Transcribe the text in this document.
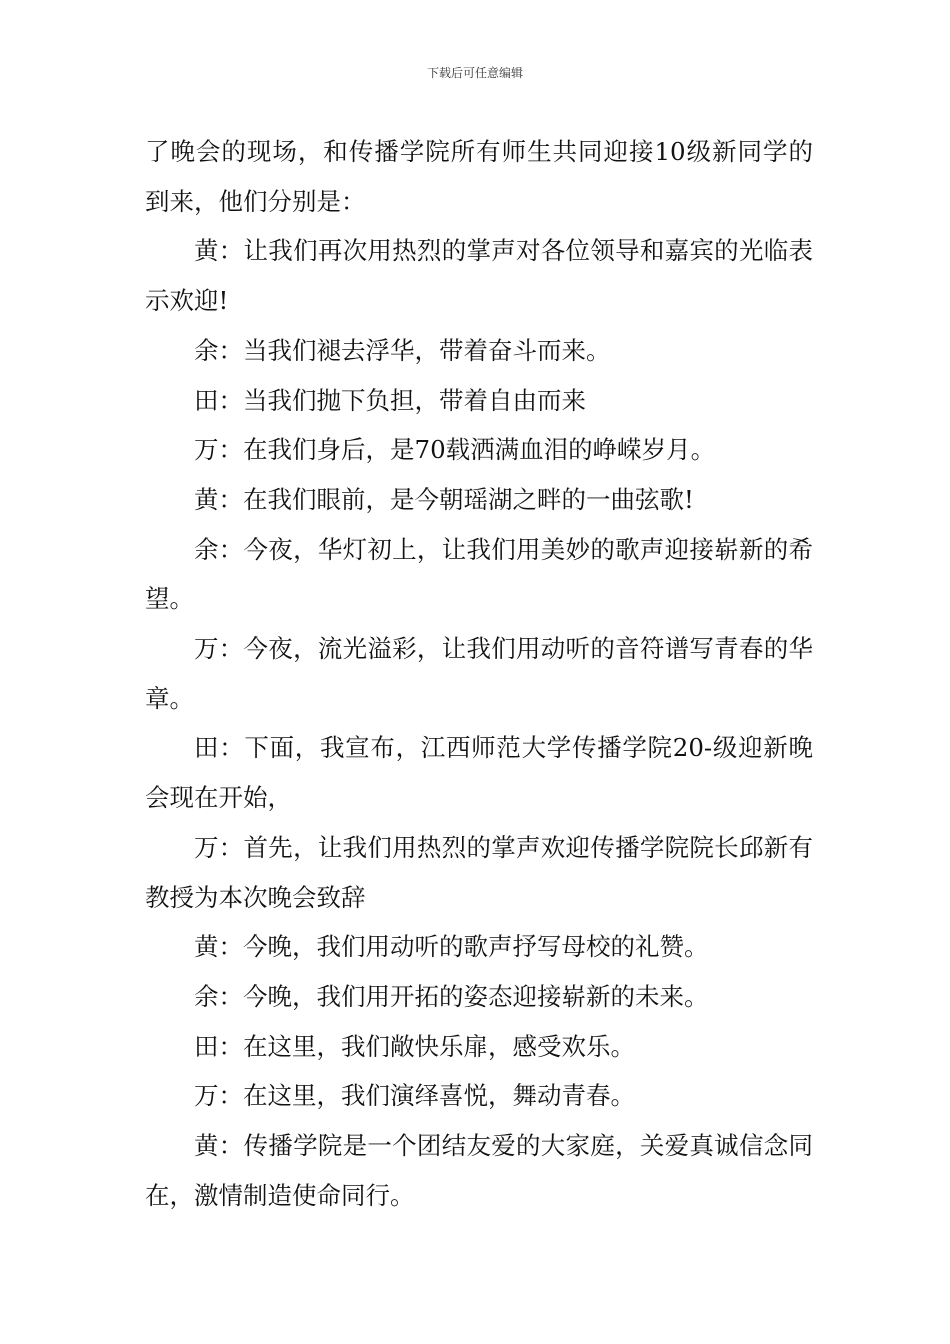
下载后可任意编辑

了晚会的现场，和传播学院所有师生共同迎接10级新同学的到来，他们分别是：

黄：让我们再次用热烈的掌声对各位领导和嘉宾的光临表示欢迎!

余：当我们褪去浮华，带着奋斗而来。

田：当我们抛下负担，带着自由而来

万：在我们身后，是70载洒满血泪的峥嵘岁月。

黄：在我们眼前，是今朝瑶湖之畔的一曲弦歌!

余：今夜，华灯初上，让我们用美妙的歌声迎接崭新的希望。

万：今夜，流光溢彩，让我们用动听的音符谱写青春的华章。

田：下面，我宣布，江西师范大学传播学院20-级迎新晚会现在开始，

万：首先，让我们用热烈的掌声欢迎传播学院院长邱新有教授为本次晚会致辞

黄：今晚，我们用动听的歌声抒写母校的礼赞。

余：今晚，我们用开拓的姿态迎接崭新的未来。

田：在这里，我们敞快乐扉，感受欢乐。

万：在这里，我们演绎喜悦，舞动青春。

黄：传播学院是一个团结友爱的大家庭，关爱真诚信念同在，激情制造使命同行。
